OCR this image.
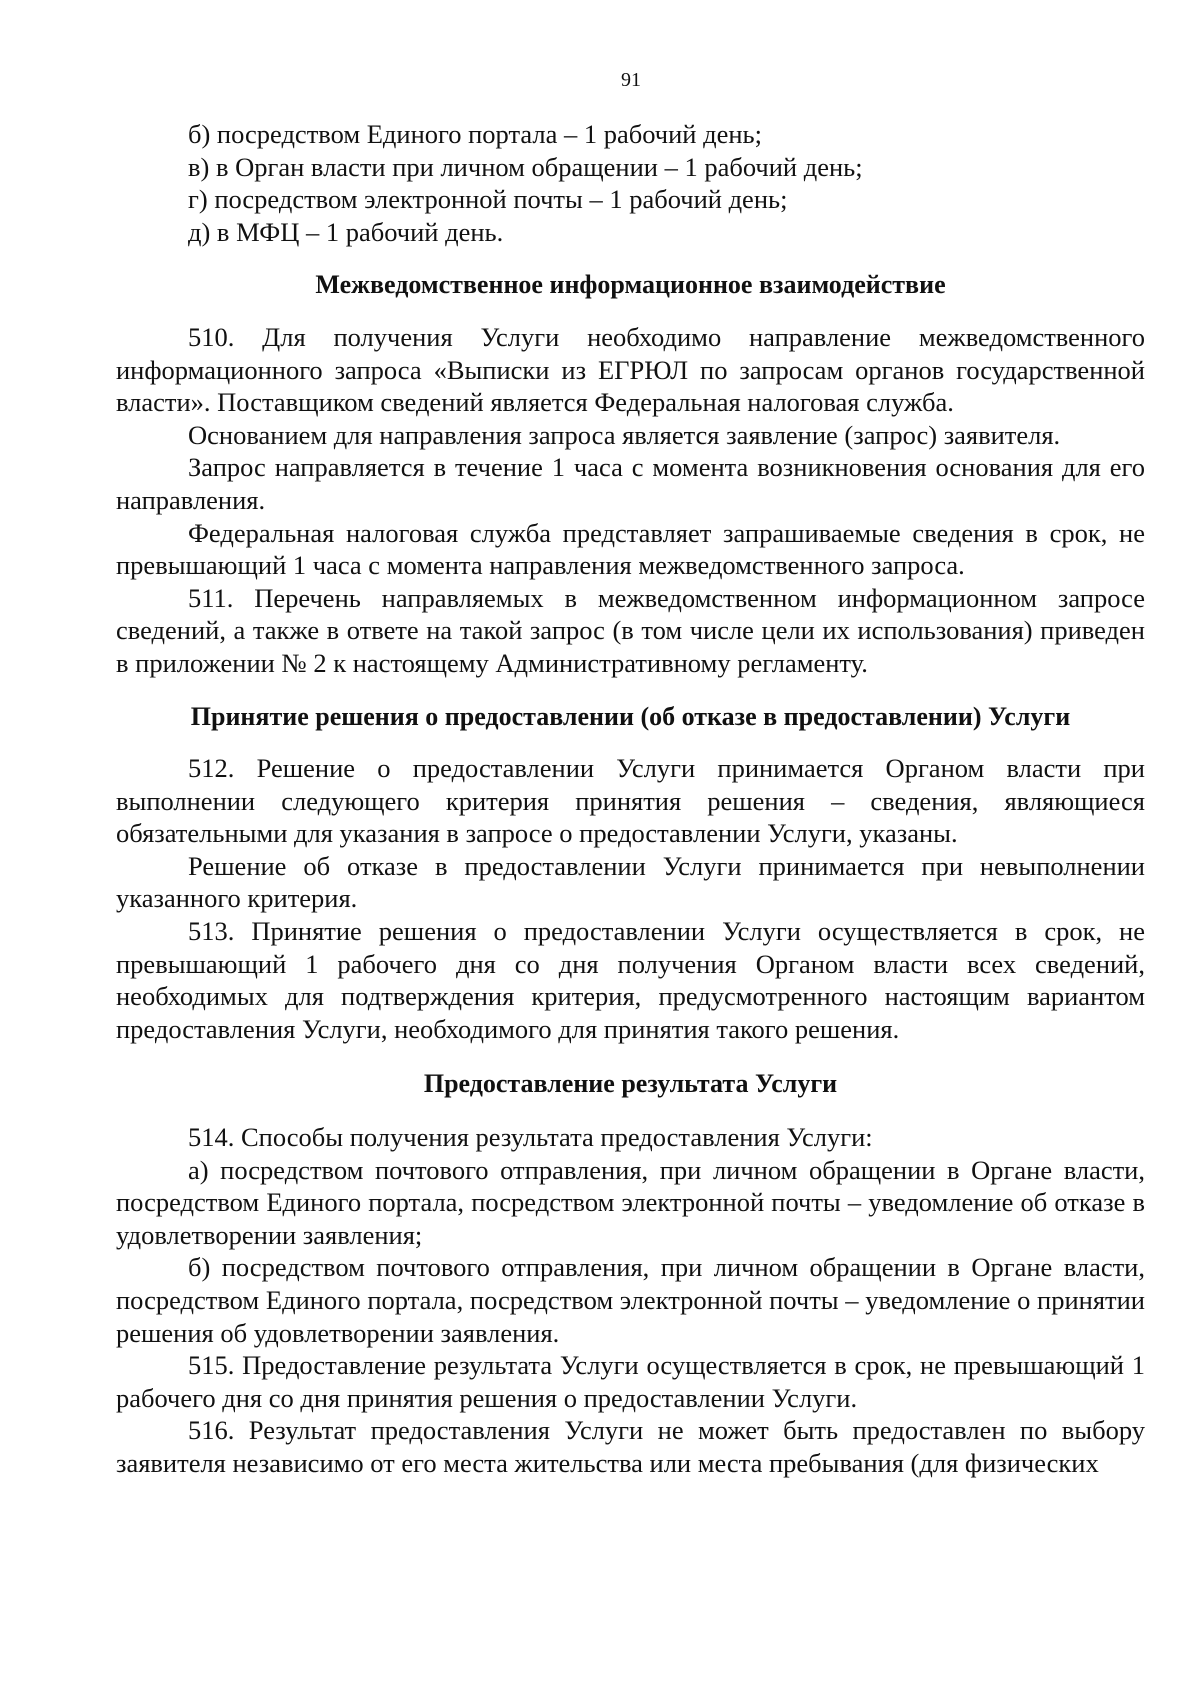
91
б) посредством Единого портала – 1 рабочий день;
в) в Орган власти при личном обращении – 1 рабочий день;
г) посредством электронной почты – 1 рабочий день;
д) в МФЦ – 1 рабочий день.

Межведомственное информационное взаимодействие

510. Для получения Услуги необходимо направление межведомственного информационного запроса «Выписки из ЕГРЮЛ по запросам органов государственной власти». Поставщиком сведений является Федеральная налоговая служба.

Основанием для направления запроса является заявление (запрос) заявителя.

Запрос направляется в течение 1 часа с момента возникновения основания для его направления.

Федеральная налоговая служба представляет запрашиваемые сведения в срок, не превышающий 1 часа с момента направления межведомственного запроса.

511. Перечень направляемых в межведомственном информационном запросе сведений, а также в ответе на такой запрос (в том числе цели их использования) приведен в приложении № 2 к настоящему Административному регламенту.

Принятие решения о предоставлении (об отказе в предоставлении) Услуги

512. Решение о предоставлении Услуги принимается Органом власти при выполнении следующего критерия принятия решения – сведения, являющиеся обязательными для указания в запросе о предоставлении Услуги, указаны.

Решение об отказе в предоставлении Услуги принимается при невыполнении указанного критерия.

513. Принятие решения о предоставлении Услуги осуществляется в срок, не превышающий 1 рабочего дня со дня получения Органом власти всех сведений, необходимых для подтверждения критерия, предусмотренного настоящим вариантом предоставления Услуги, необходимого для принятия такого решения.

Предоставление результата Услуги

514. Способы получения результата предоставления Услуги:

а) посредством почтового отправления, при личном обращении в Органе власти, посредством Единого портала, посредством электронной почты – уведомление об отказе в удовлетворении заявления;

б) посредством почтового отправления, при личном обращении в Органе власти, посредством Единого портала, посредством электронной почты – уведомление о принятии решения об удовлетворении заявления.

515. Предоставление результата Услуги осуществляется в срок, не превышающий 1 рабочего дня со дня принятия решения о предоставлении Услуги.

516. Результат предоставления Услуги не может быть предоставлен по выбору заявителя независимо от его места жительства или места пребывания (для физических
